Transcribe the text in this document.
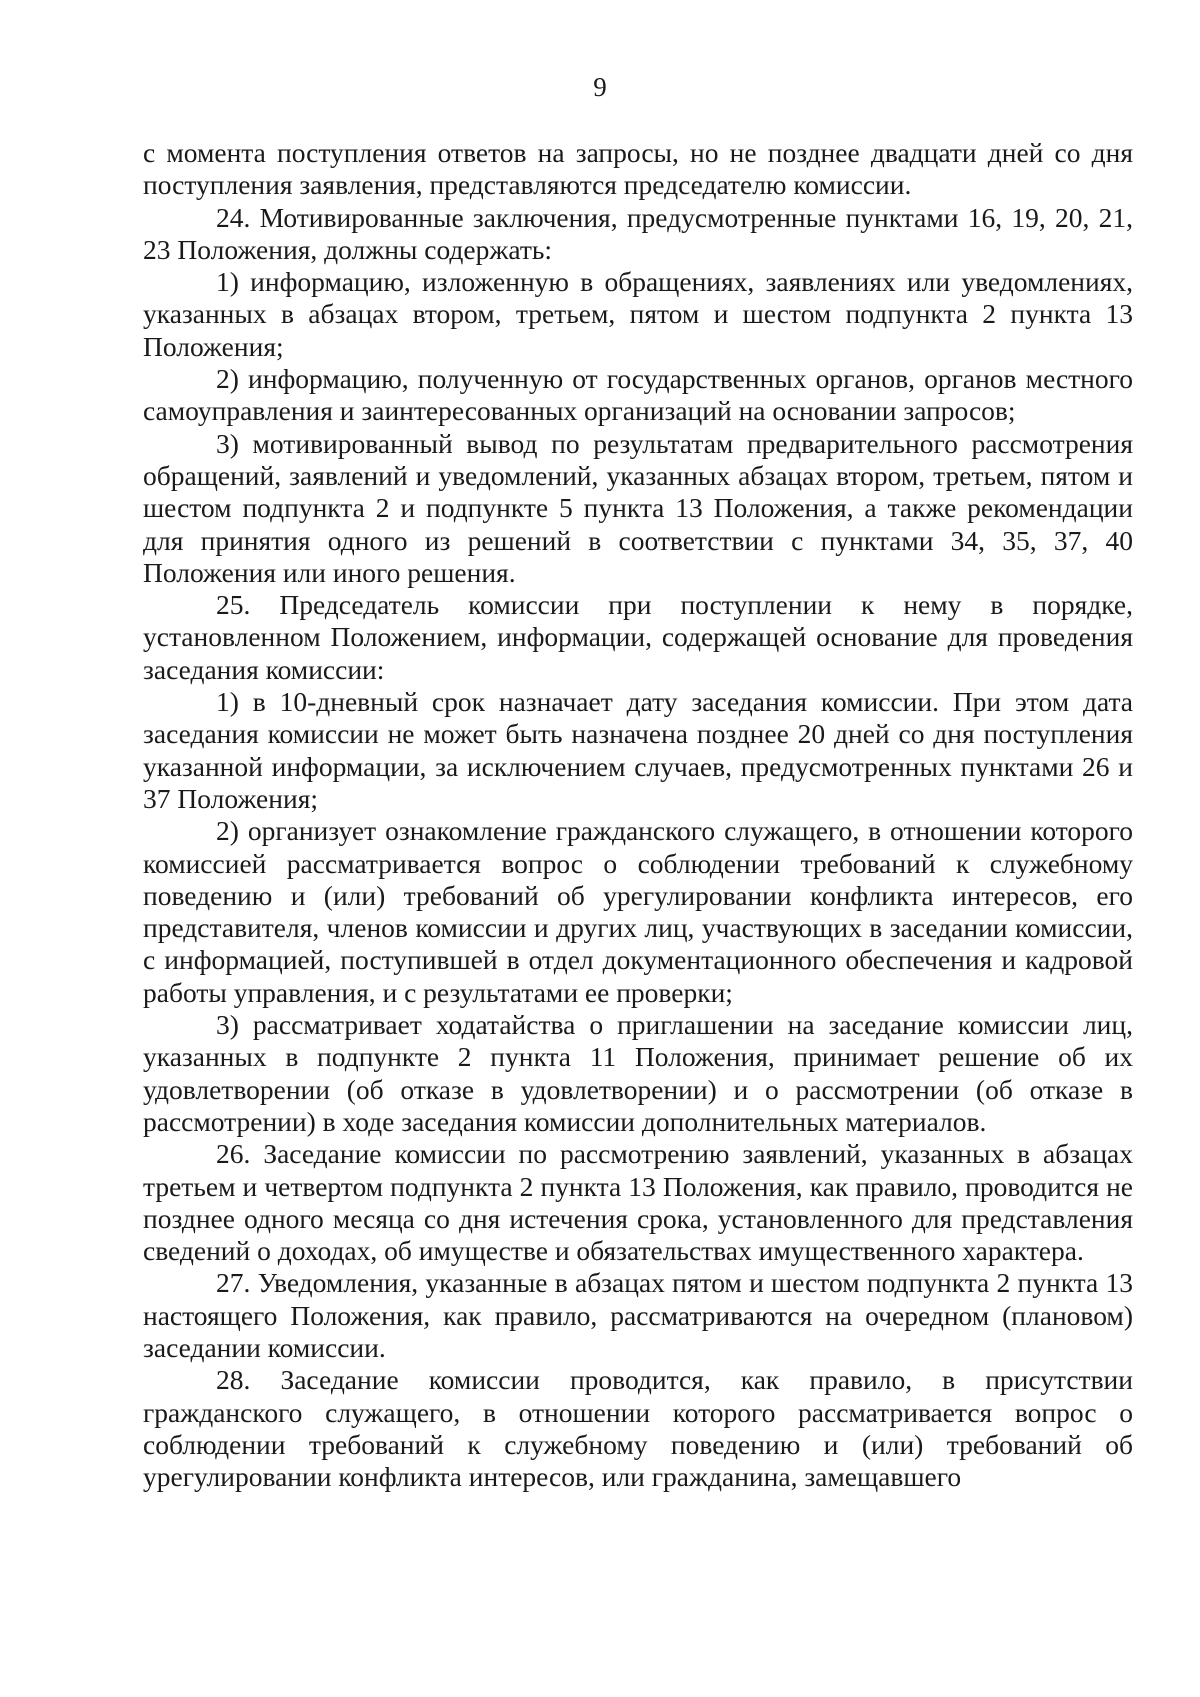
9

с момента поступления ответов на запросы, но не позднее двадцати дней со дня поступления заявления, представляются председателю комиссии.

24. Мотивированные заключения, предусмотренные пунктами 16, 19, 20, 21, 23 Положения, должны содержать:

1) информацию, изложенную в обращениях, заявлениях или уведомлениях, указанных в абзацах втором, третьем, пятом и шестом подпункта 2 пункта 13 Положения;

2) информацию, полученную от государственных органов, органов местного самоуправления и заинтересованных организаций на основании запросов;

3) мотивированный вывод по результатам предварительного рассмотрения обращений, заявлений и уведомлений, указанных абзацах втором, третьем, пятом и шестом подпункта 2 и подпункте 5 пункта 13 Положения, а также рекомендации для принятия одного из решений в соответствии с пунктами 34, 35, 37, 40 Положения или иного решения.

25. Председатель комиссии при поступлении к нему в порядке, установленном Положением, информации, содержащей основание для проведения заседания комиссии:

1) в 10-дневный срок назначает дату заседания комиссии. При этом дата заседания комиссии не может быть назначена позднее 20 дней со дня поступления указанной информации, за исключением случаев, предусмотренных пунктами 26 и 37 Положения;

2) организует ознакомление гражданского служащего, в отношении которого комиссией рассматривается вопрос о соблюдении требований к служебному поведению и (или) требований об урегулировании конфликта интересов, его представителя, членов комиссии и других лиц, участвующих в заседании комиссии, с информацией, поступившей в отдел документационного обеспечения и кадровой работы управления, и с результатами ее проверки;

3) рассматривает ходатайства о приглашении на заседание комиссии лиц, указанных в подпункте 2 пункта 11 Положения, принимает решение об их удовлетворении (об отказе в удовлетворении) и о рассмотрении (об отказе в рассмотрении) в ходе заседания комиссии дополнительных материалов.

26. Заседание комиссии по рассмотрению заявлений, указанных в абзацах третьем и четвертом подпункта 2 пункта 13 Положения, как правило, проводится не позднее одного месяца со дня истечения срока, установленного для представления сведений о доходах, об имуществе и обязательствах имущественного характера.

27. Уведомления, указанные в абзацах пятом и шестом подпункта 2 пункта 13 настоящего Положения, как правило, рассматриваются на очередном (плановом) заседании комиссии.

28. Заседание комиссии проводится, как правило, в присутствии гражданского служащего, в отношении которого рассматривается вопрос о соблюдении требований к служебному поведению и (или) требований об урегулировании конфликта интересов, или гражданина, замещавшего
